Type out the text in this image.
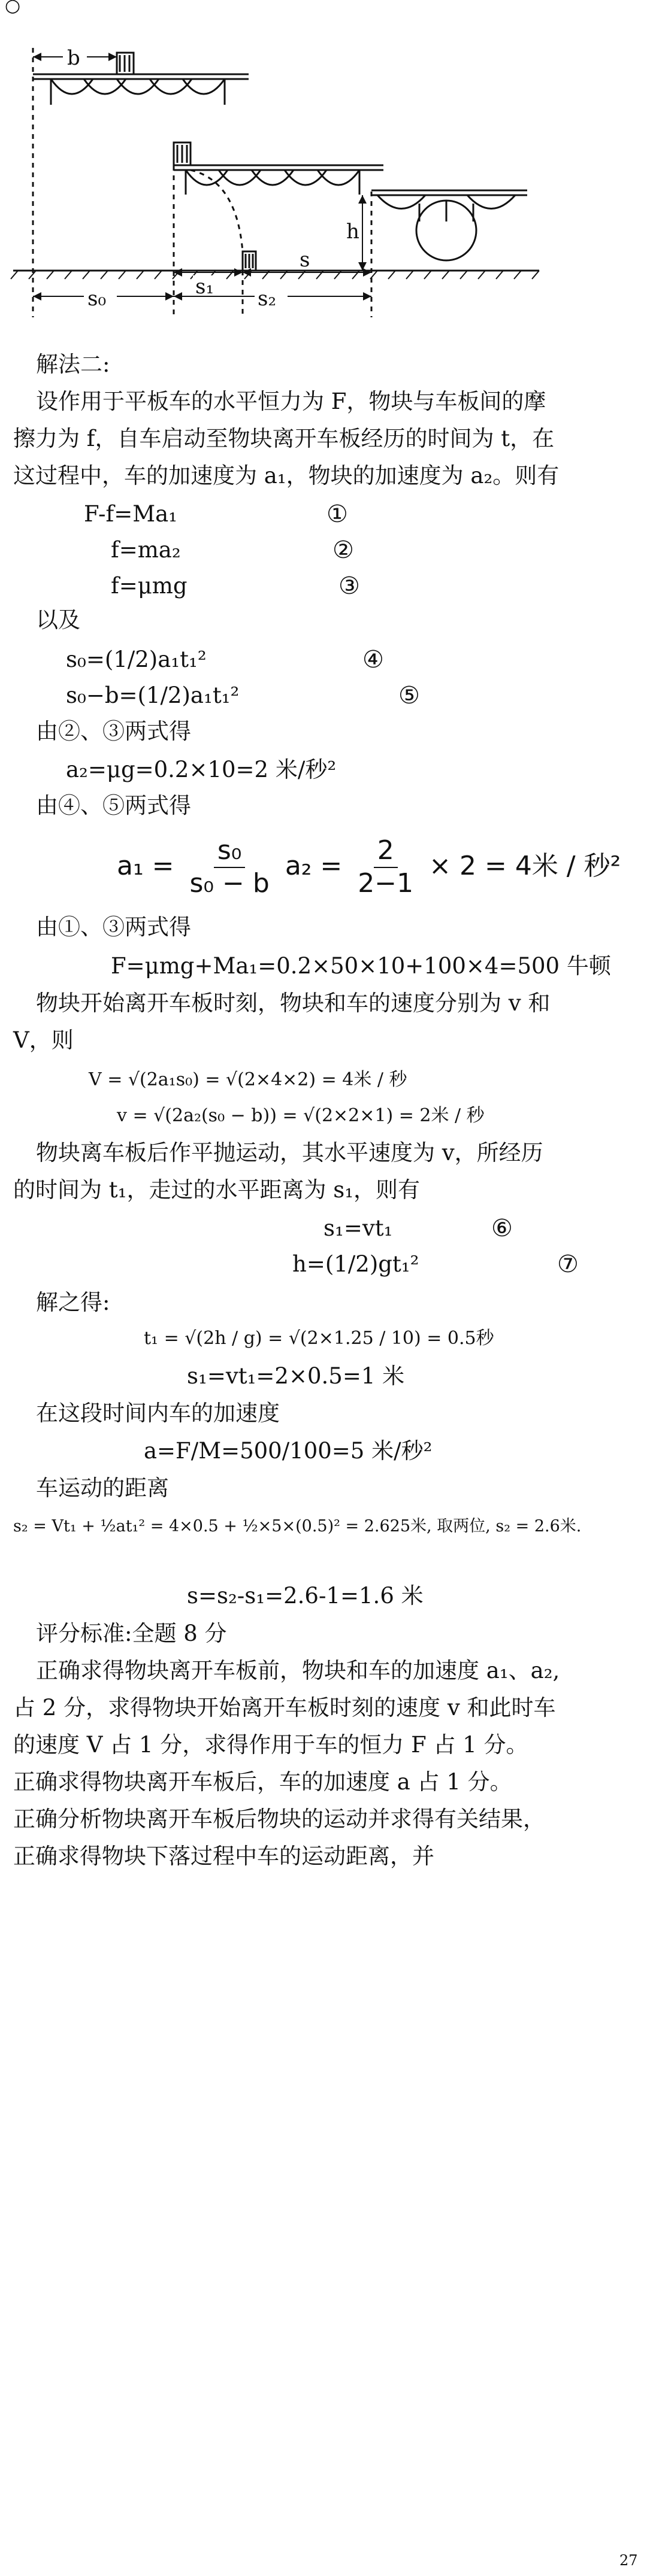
○
b
h
s₀	s₁
s
s₂
解法二:
设作用于平板车的水平恒力为 F，物块与车板间的摩
擦力为 f，自车启动至物块离开车板经历的时间为 t，在
这过程中，车的加速度为 a₁，物块的加速度为 a₂。则有
F-f=Ma₁	①
f=ma₂	②
f=μmg	③
以及
s₀=(1/2)a₁t₁²	④
s₀−b=(1/2)a₁t₁²	⑤
由②、③两式得
a₂=μg=0.2×10=2 米/秒²
由④、⑤两式得
$a_1 = \frac{\text{s₀}}{\text{s₀ − b}} a_2 = \frac{2}{2-1} \times 2 = 4$米 / 秒²
由①、③两式得
F=μmg+Ma₁=0.2×50×10+100×4=500 牛顿
物块开始离开车板时刻，物块和车的速度分别为 v 和
V，则
V = √(2a₁s₀) = √(2×4×2) = 4米 / 秒
v = √(2a₂(s₀ − b)) = √(2×2×1) = 2米 / 秒
物块离车板后作平抛运动，其水平速度为 v，所经历
的时间为 t₁，走过的水平距离为 s₁，则有
s₁=vt₁	⑥
h=(1/2)gt₁²	⑦
解之得:
t₁ = √(2h / g) = √(2×1.25 / 10) = 0.5秒
s₁=vt₁=2×0.5=1 米
在这段时间内车的加速度
a=F/M=500/100=5 米/秒²
车运动的距离
s₂ = Vt₁ + ½at₁² = 4×0.5 + ½×5×(0.5)² = 2.625米, 取两位, s₂ = 2.6米.
s=s₂-s₁=2.6-1=1.6 米
评分标准:全题 8 分
正确求得物块离开车板前，物块和车的加速度 a₁、a₂,
占 2 分，求得物块开始离开车板时刻的速度 v 和此时车
的速度 V 占 1 分，求得作用于车的恒力 F 占 1 分。
正确求得物块离开车板后，车的加速度 a 占 1 分。
正确分析物块离开车板后物块的运动并求得有关结果，
正确求得物块下落过程中车的运动距离，并
27
